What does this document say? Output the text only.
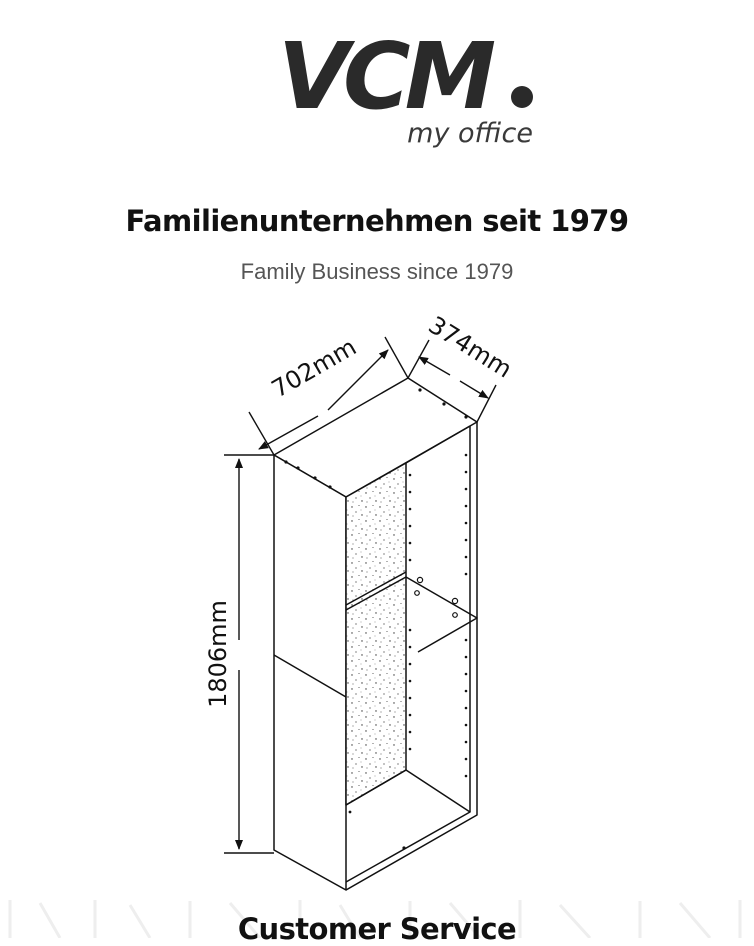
VCM
my office
Familienunternehmen seit 1979
Family Business since 1979
702mm	374mm
1806mm
Customer Service
